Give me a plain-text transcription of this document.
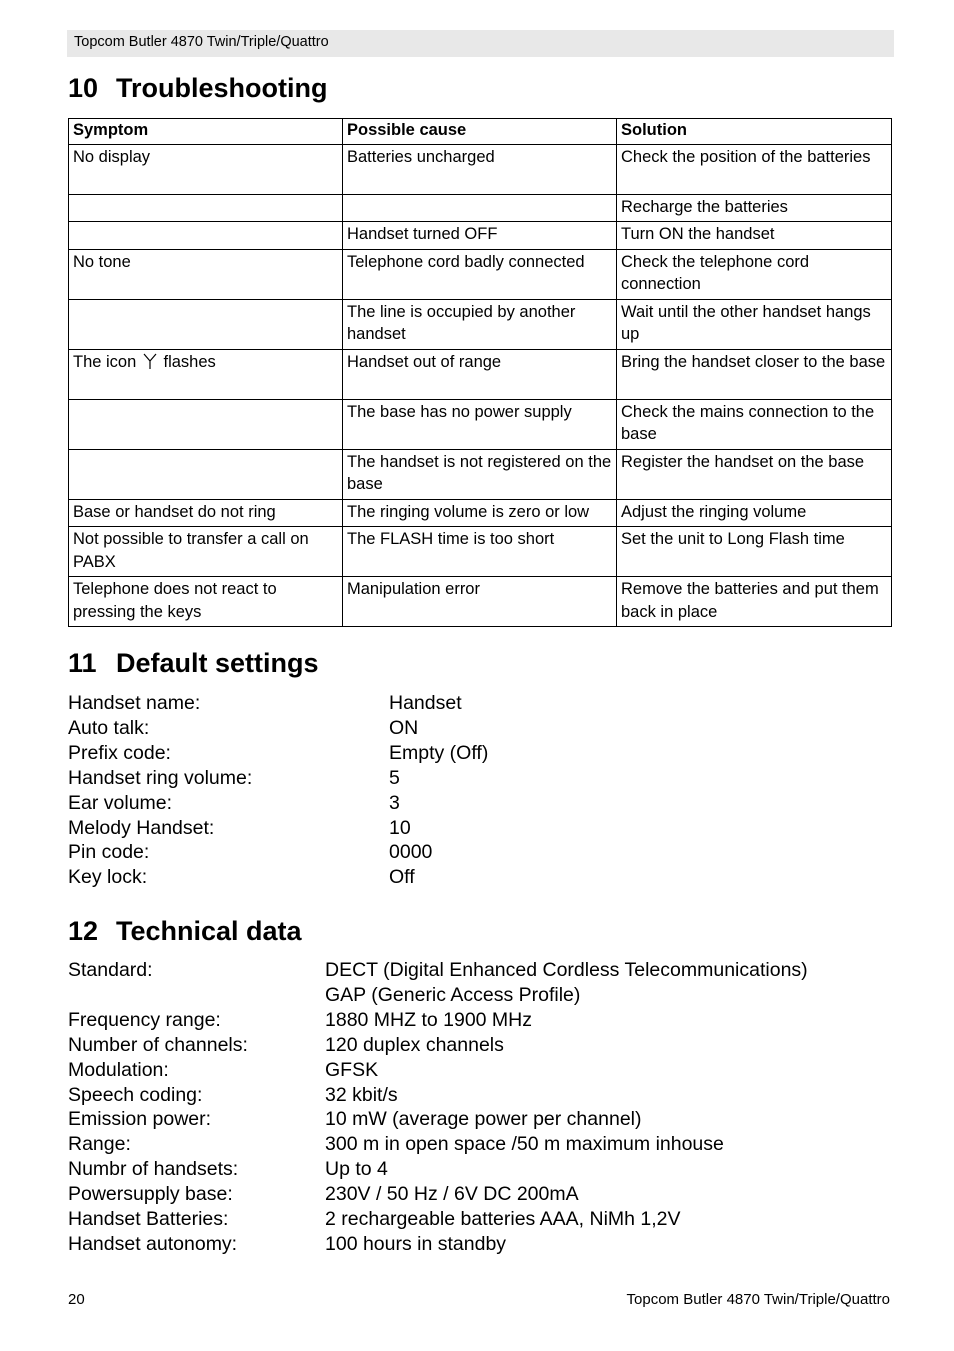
Topcom Butler 4870 Twin/Triple/Quattro
10 Troubleshooting
Symptom	Possible cause	Solution
No display	Batteries uncharged	Check the position of the batteries
		Recharge the batteries
	Handset turned OFF	Turn ON the handset
No tone	Telephone cord badly connected	Check the telephone cord connection
	The line is occupied by another handset	Wait until the other handset hangs up
The icon flashes	Handset out of range	Bring the handset closer to the base
	The base has no power supply	Check the mains connection to the base
	The handset is not registered on the base	Register the handset on the base
Base or handset do not ring	The ringing volume is zero or low	Adjust the ringing volume
Not possible to transfer a call on PABX	The FLASH time is too short	Set the unit to Long Flash time
Telephone does not react to pressing the keys	Manipulation error	Remove the batteries and put them back in place
11 Default settings
Handset name:	Handset
Auto talk:	ON
Prefix code:	Empty (Off)
Handset ring volume:	5
Ear volume:	3
Melody Handset:	10
Pin code:	0000
Key lock:	Off
12 Technical data
Standard:	DECT (Digital Enhanced Cordless Telecommunications)
GAP (Generic Access Profile)
Frequency range:	1880 MHZ to 1900 MHz
Number of channels:	120 duplex channels
Modulation:	GFSK
Speech coding:	32 kbit/s
Emission power:	10 mW (average power per channel)
Range:	300 m in open space /50 m maximum inhouse
Numbr of handsets:	Up to 4
Powersupply base:	230V / 50 Hz / 6V DC 200mA
Handset Batteries:	2 rechargeable batteries AAA, NiMh 1,2V
Handset autonomy:	100 hours in standby
20	Topcom Butler 4870 Twin/Triple/Quattro
